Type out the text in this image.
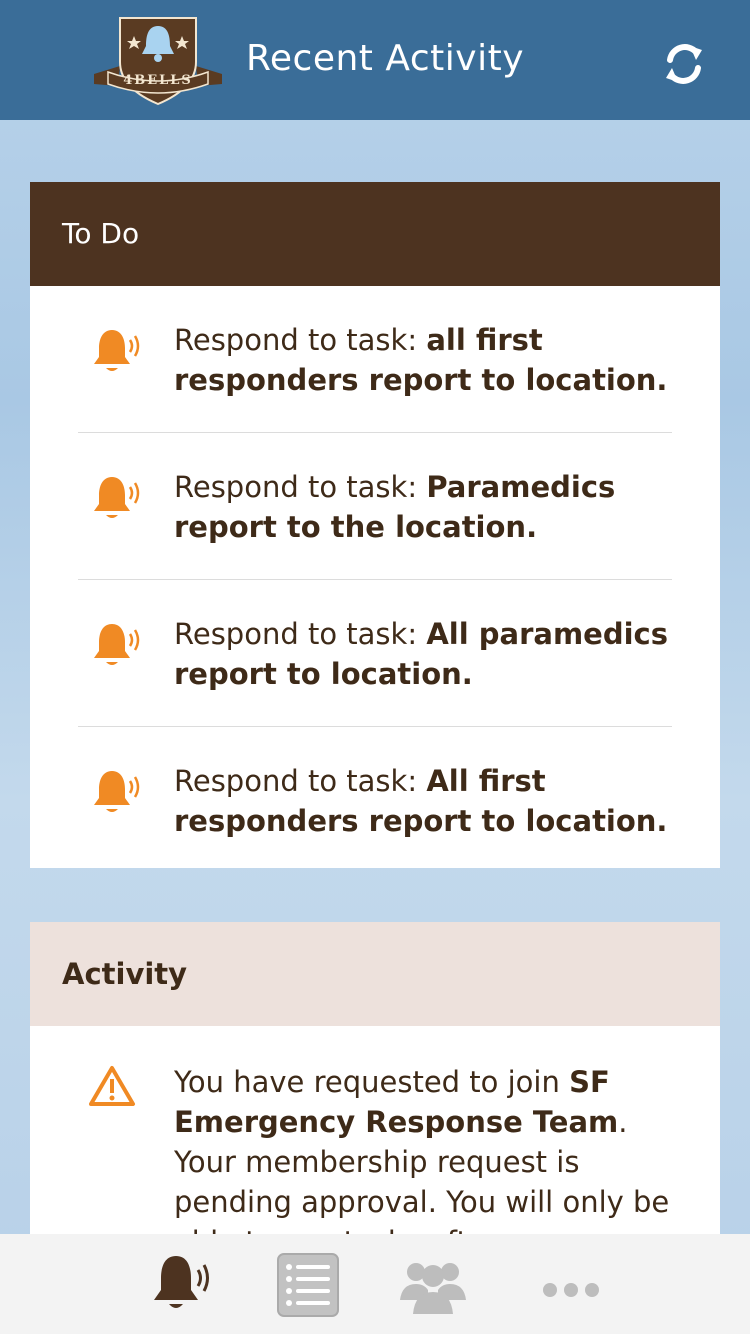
4BELLS
Recent Activity
To Do
Respond to task: all first responders report to location.
Respond to task: Paramedics report to the location.
Respond to task: All paramedics report to location.
Respond to task: All first responders report to location.
Activity
You have requested to join SF Emergency Response Team. Your membership request is pending approval. You will only be
